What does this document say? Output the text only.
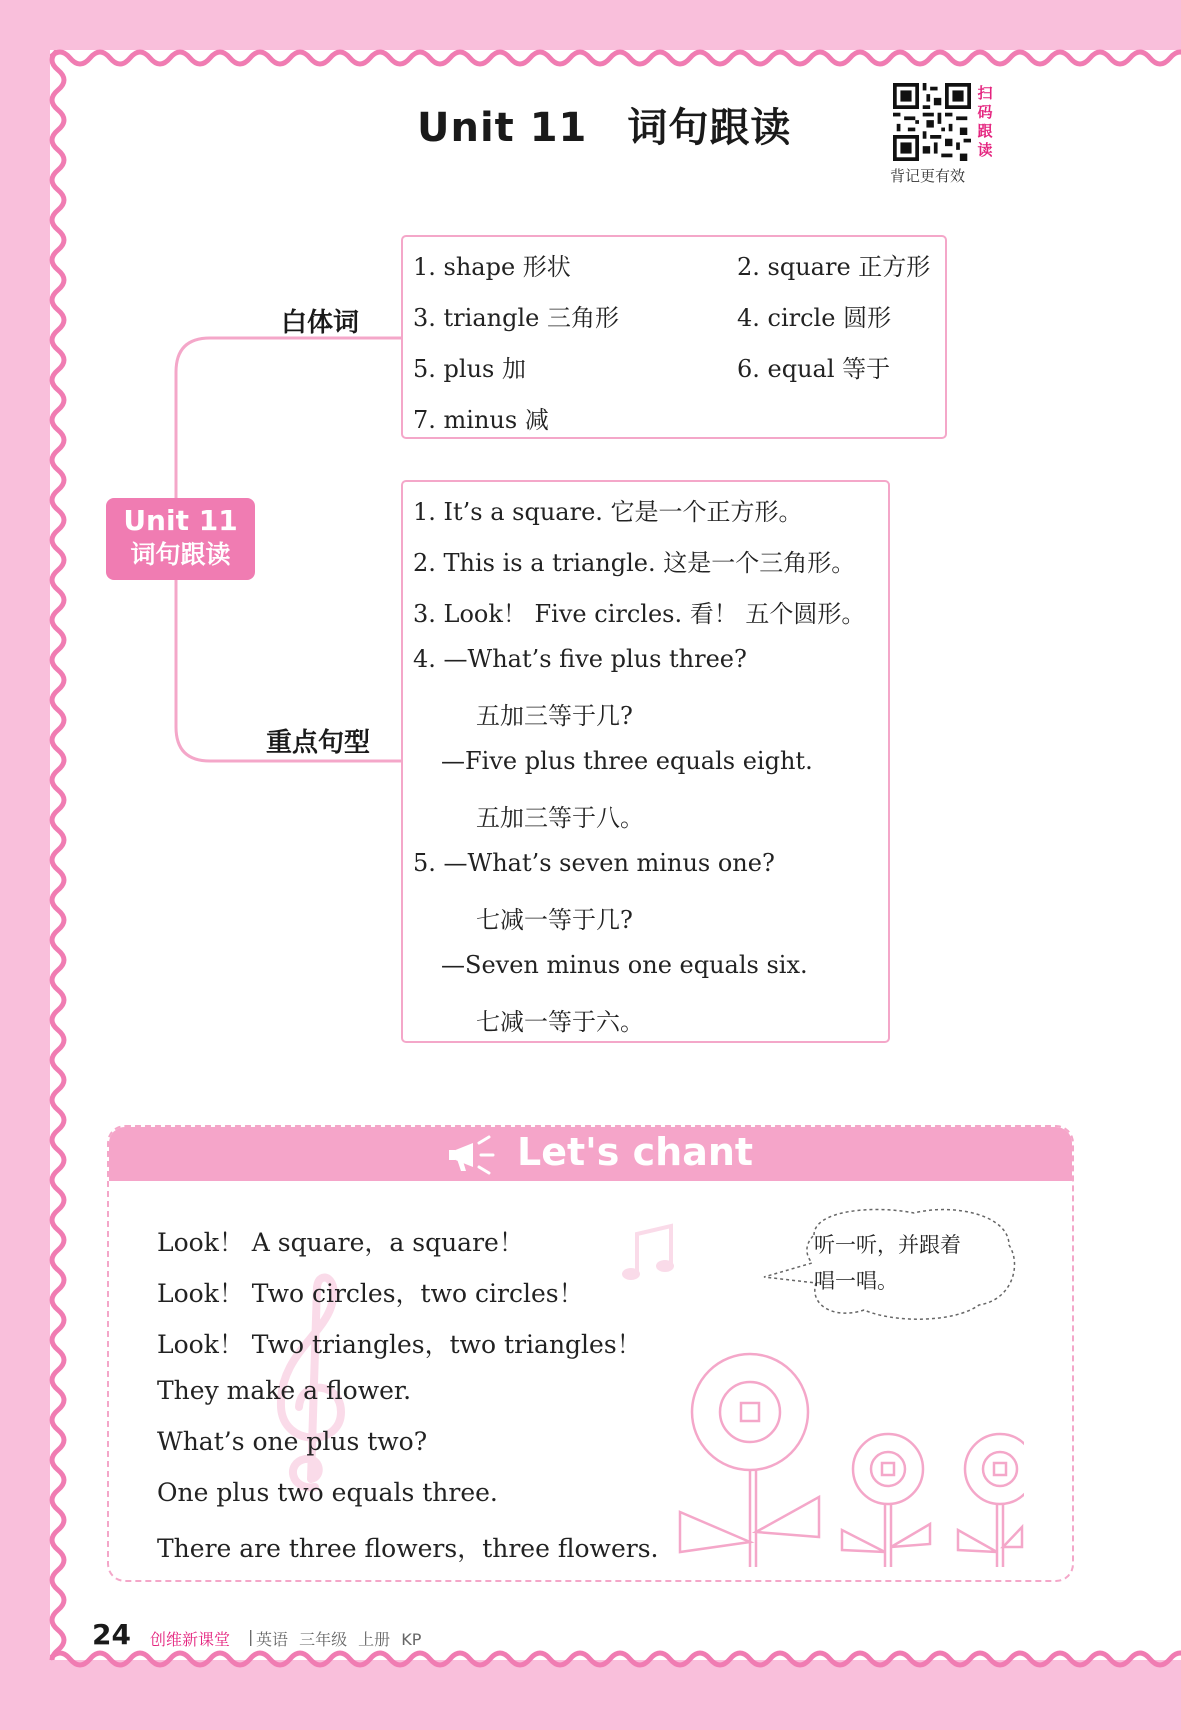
Unit 11 词句跟读
扫
码
跟
读
背记更有效
Unit 11
词句跟读
白体词
重点句型
1. shape 形状	2. square 正方形
3. triangle 三角形	4. circle 圆形
5. plus 加	6. equal 等于
7. minus 减
1. It’s a square. 它是一个正方形。
2. This is a triangle. 这是一个三角形。
3. Look！ Five circles. 看！ 五个圆形。
4. —What’s five plus three?
五加三等于几?
—Five plus three equals eight.
五加三等于八。
5. —What’s seven minus one?
七减一等于几?
—Seven minus one equals six.
七减一等于六。
Let's chant
Look！ A square，a square！
Look！ Two circles，two circles！
Look！ Two triangles，two triangles！
They make a flower.
What’s one plus two?
One plus two equals three.
There are three flowers，three flowers.
听一听，并跟着
唱一唱。
24 创维新课堂 | 英语 三年级 上册 KP
